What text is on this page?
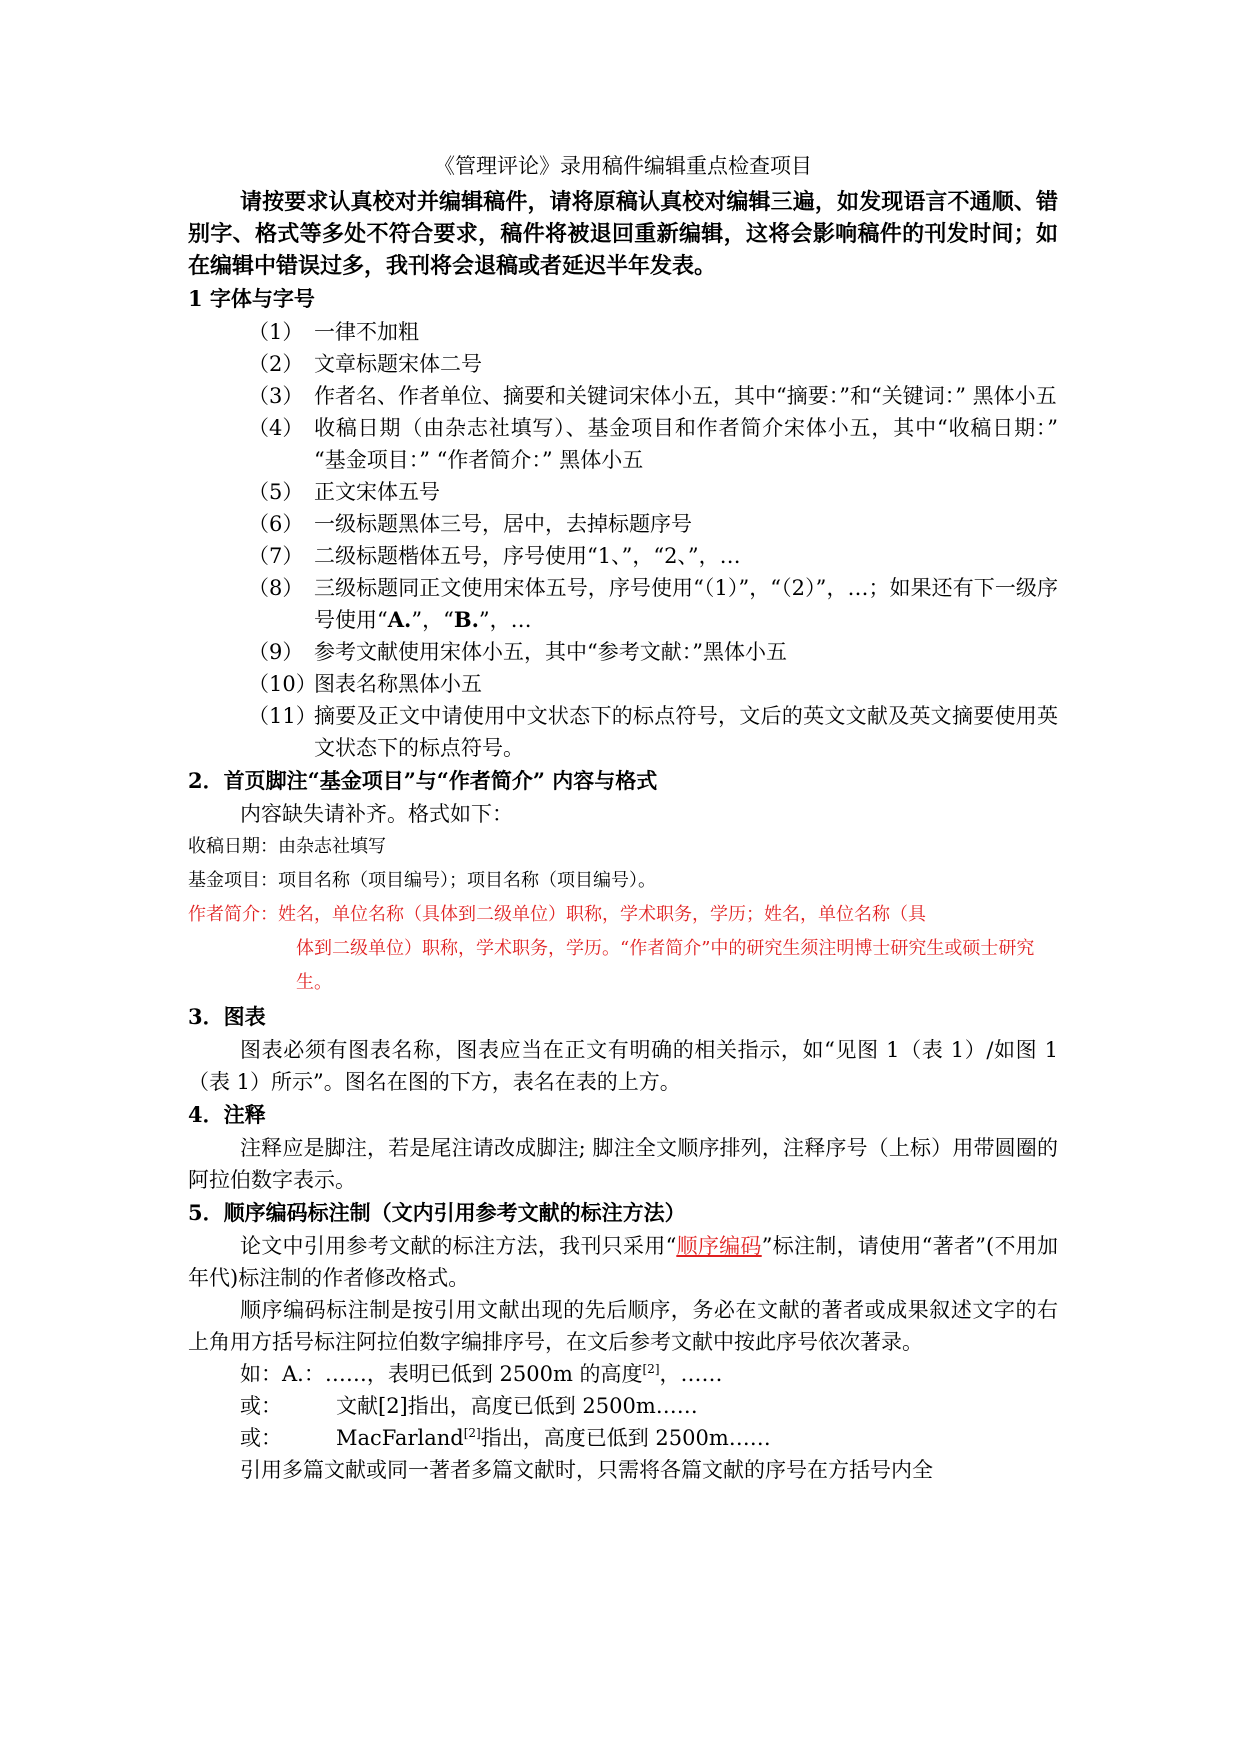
《管理评论》录用稿件编辑重点检查项目
请按要求认真校对并编辑稿件，请将原稿认真校对编辑三遍，如发现语言不通顺、错别字、格式等多处不符合要求，稿件将被退回重新编辑，这将会影响稿件的刊发时间；如在编辑中错误过多，我刊将会退稿或者延迟半年发表。
1 字体与字号
（1） 一律不加粗
（2） 文章标题宋体二号
（3） 作者名、作者单位、摘要和关键词宋体小五，其中“摘要：”和“关键词：” 黑体小五
（4） 收稿日期（由杂志社填写）、基金项目和作者简介宋体小五，其中“收稿日期：” “基金项目：” “作者简介：” 黑体小五
（5） 正文宋体五号
（6） 一级标题黑体三号，居中，去掉标题序号
（7） 二级标题楷体五号，序号使用“1、”，“2、”，…
（8） 三级标题同正文使用宋体五号，序号使用“（1）”，“（2）”，…；如果还有下一级序号使用“A.”，“B.”，…
（9） 参考文献使用宋体小五，其中“参考文献：”黑体小五
（10）
图表名称黑体小五
（11）
摘要及正文中请使用中文状态下的标点符号，文后的英文文献及英文摘要使用英文状态下的标点符号。
2．首页脚注“基金项目”与“作者简介” 内容与格式
内容缺失请补齐。格式如下：
收稿日期：由杂志社填写
基金项目：项目名称（项目编号）；项目名称（项目编号）。
作者简介：姓名，单位名称（具体到二级单位）职称，学术职务，学历；姓名，单位名称（具
体到二级单位）职称，学术职务，学历。“作者简介”中的研究生须注明博士研究生或硕士研究生。
3．图表
图表必须有图表名称，图表应当在正文有明确的相关指示，如“见图 1（表 1）/如图 1（表 1）所示”。图名在图的下方，表名在表的上方。
4．注释
注释应是脚注，若是尾注请改成脚注; 脚注全文顺序排列，注释序号（上标）用带圆圈的阿拉伯数字表示。
5．顺序编码标注制（文内引用参考文献的标注方法）
论文中引用参考文献的标注方法，我刊只采用“顺序编码”标注制，请使用“著者”(不用加年代)标注制的作者修改格式。
顺序编码标注制是按引用文献出现的先后顺序，务必在文献的著者或成果叙述文字的右上角用方括号标注阿拉伯数字编排序号，在文后参考文献中按此序号依次著录。
如：A.：……，表明已低到 2500m 的高度[2]，……
或：	文献[2]指出，高度已低到 2500m……
或：	MacFarland[2]指出，高度已低到 2500m……
引用多篇文献或同一著者多篇文献时，只需将各篇文献的序号在方括号内全
